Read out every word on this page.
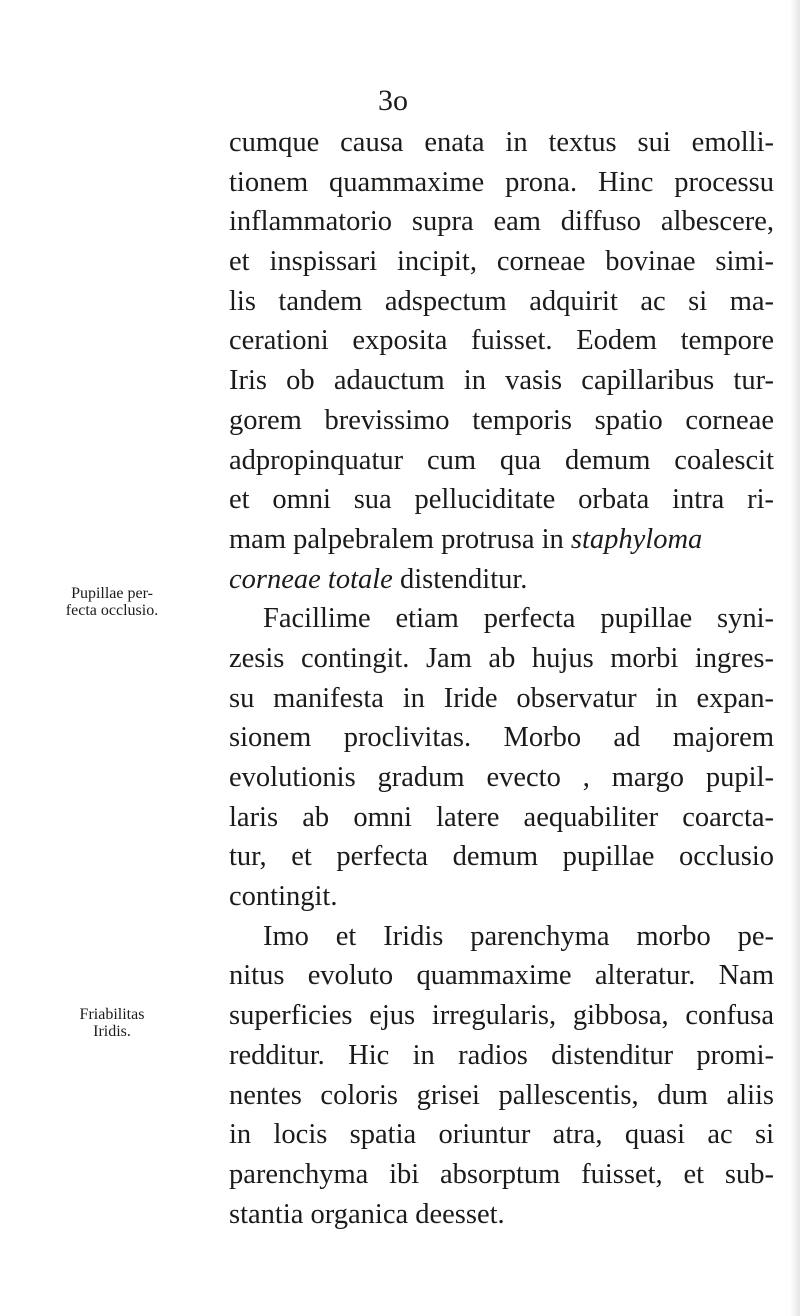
3o
Pupillae per-
fecta occlusio.
Friabilitas
Iridis.
cumque causa enata in textus sui emolli-
tionem quammaxime prona. Hinc processu
inflammatorio supra eam diffuso albescere,
et inspissari incipit, corneae bovinae simi-
lis tandem adspectum adquirit ac si ma-
cerationi exposita fuisset. Eodem tempore
Iris ob adauctum in vasis capillaribus tur-
gorem brevissimo temporis spatio corneae
adpropinquatur cum qua demum coalescit
et omni sua pelluciditate orbata intra ri-
mam palpebralem protrusa in staphyloma
corneae totale distenditur.
Facillime etiam perfecta pupillae syni-
zesis contingit. Jam ab hujus morbi ingres-
su manifesta in Iride observatur in expan-
sionem proclivitas. Morbo ad majorem
evolutionis gradum evecto , margo pupil-
laris ab omni latere aequabiliter coarcta-
tur, et perfecta demum pupillae occlusio
contingit.
Imo et Iridis parenchyma morbo pe-
nitus evoluto quammaxime alteratur. Nam
superficies ejus irregularis, gibbosa, confusa
redditur. Hic in radios distenditur promi-
nentes coloris grisei pallescentis, dum aliis
in locis spatia oriuntur atra, quasi ac si
parenchyma ibi absorptum fuisset, et sub-
stantia organica deesset.
